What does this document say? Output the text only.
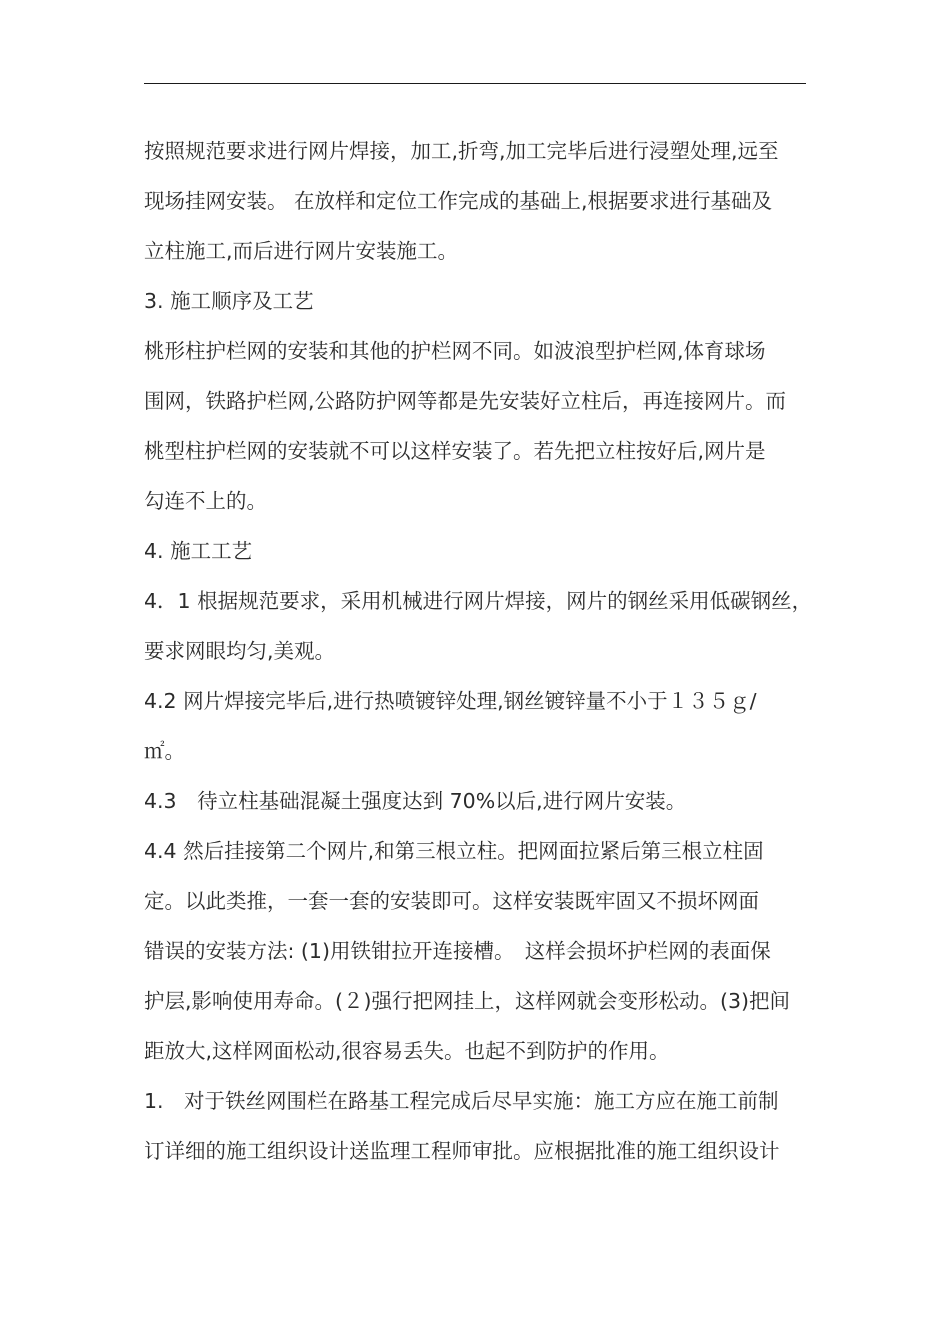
按照规范要求进行网片焊接，加工,折弯,加工完毕后进行浸塑处理,远至
现场挂网安装。 在放样和定位工作完成的基础上,根据要求进行基础及
立柱施工,而后进行网片安装施工。
3. 施工顺序及工艺
桃形柱护栏网的安装和其他的护栏网不同。如波浪型护栏网,体育球场
围网，铁路护栏网,公路防护网等都是先安装好立柱后，再连接网片。而
桃型柱护栏网的安装就不可以这样安装了。若先把立柱按好后,网片是
勾连不上的。
4. 施工工艺
4．1 根据规范要求，采用机械进行网片焊接，网片的钢丝采用低碳钢丝，
要求网眼均匀,美观。
4.2 网片焊接完毕后,进行热喷镀锌处理,钢丝镀锌量不小于１３５ｇ/
㎡。
4.3　待立柱基础混凝土强度达到 70%以后,进行网片安装。
4.4 然后挂接第二个网片,和第三根立柱。把网面拉紧后第三根立柱固
定。以此类推，一套一套的安装即可。这样安装既牢固又不损坏网面
错误的安装方法: (1)用铁钳拉开连接槽。　这样会损坏护栏网的表面保
护层,影响使用寿命。(２)强行把网挂上，这样网就会变形松动。(3)把间
距放大,这样网面松动,很容易丢失。也起不到防护的作用。
1.　对于铁丝网围栏在路基工程完成后尽早实施：施工方应在施工前制
订详细的施工组织设计送监理工程师审批。应根据批准的施工组织设计
